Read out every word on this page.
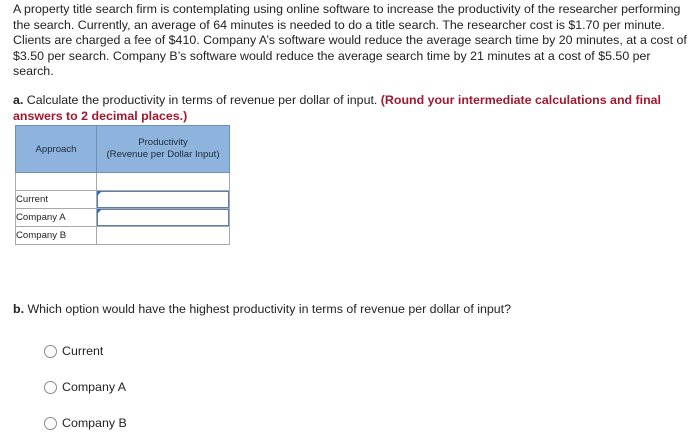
A property title search firm is contemplating using online software to increase the productivity of the researcher performing the search. Currently, an average of 64 minutes is needed to do a title search. The researcher cost is $1.70 per minute. Clients are charged a fee of $410. Company A’s software would reduce the average search time by 20 minutes, at a cost of $3.50 per search. Company B’s software would reduce the average search time by 21 minutes at a cost of $5.50 per search.

a. Calculate the productivity in terms of revenue per dollar of input. (Round your intermediate calculations and final answers to 2 decimal places.)

Approach	Productivity
(Revenue per Dollar Input)

Current	

Company A	

Company B	

b. Which option would have the highest productivity in terms of revenue per dollar of input?

Current
Company A
Company B
